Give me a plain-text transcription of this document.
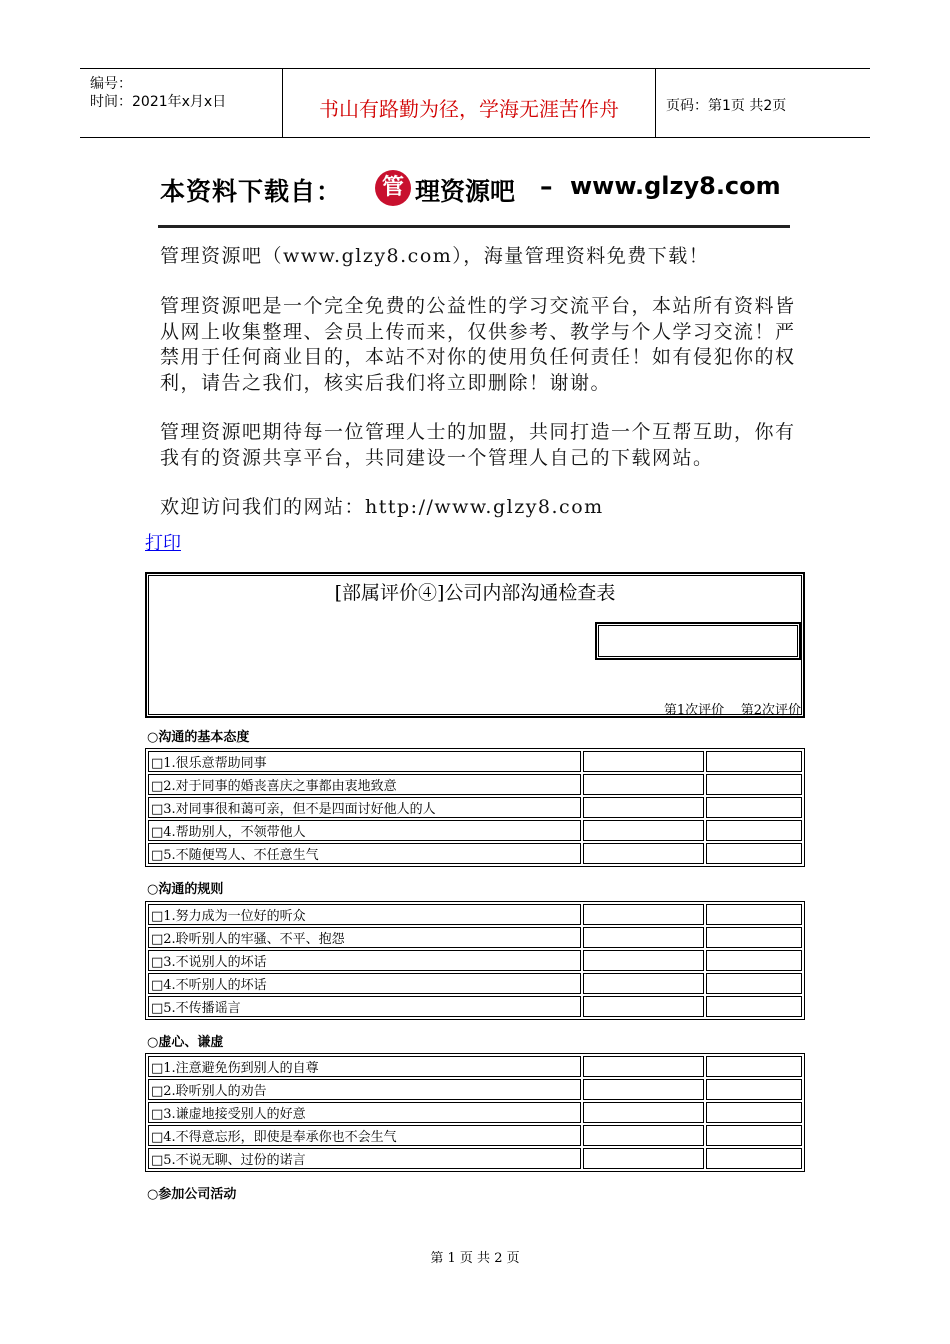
编号：
时间：2021年x月x日	书山有路勤为径，学海无涯苦作舟	页码：第1页 共2页
本资料下载自：	管 理资源吧 – www.glzy8.com
管理资源吧（www.glzy8.com），海量管理资料免费下载！
管理资源吧是一个完全免费的公益性的学习交流平台，本站所有资料皆从网上收集整理、会员上传而来，仅供参考、教学与个人学习交流！严禁用于任何商业目的，本站不对你的使用负任何责任！如有侵犯你的权利，请告之我们，核实后我们将立即删除！谢谢。
管理资源吧期待每一位管理人士的加盟，共同打造一个互帮互助，你有我有的资源共享平台，共同建设一个管理人自己的下载网站。
欢迎访问我们的网站：http://www.glzy8.com
打印
[部属评价④]公司内部沟通检查表
第1次评价 第2次评价
○沟通的基本态度
□1.很乐意帮助同事		
□2.对于同事的婚丧喜庆之事都由衷地致意		
□3.对同事很和蔼可亲，但不是四面讨好他人的人		
□4.帮助别人，不领带他人		
□5.不随便骂人、不任意生气		
○沟通的规则
□1.努力成为一位好的听众		
□2.聆听别人的牢骚、不平、抱怨		
□3.不说别人的坏话		
□4.不听别人的坏话		
□5.不传播谣言		
○虚心、谦虚
□1.注意避免伤到别人的自尊		
□2.聆听别人的劝告		
□3.谦虚地接受别人的好意		
□4.不得意忘形，即使是奉承你也不会生气		
□5.不说无聊、过份的诺言		
○参加公司活动
第 1 页 共 2 页
